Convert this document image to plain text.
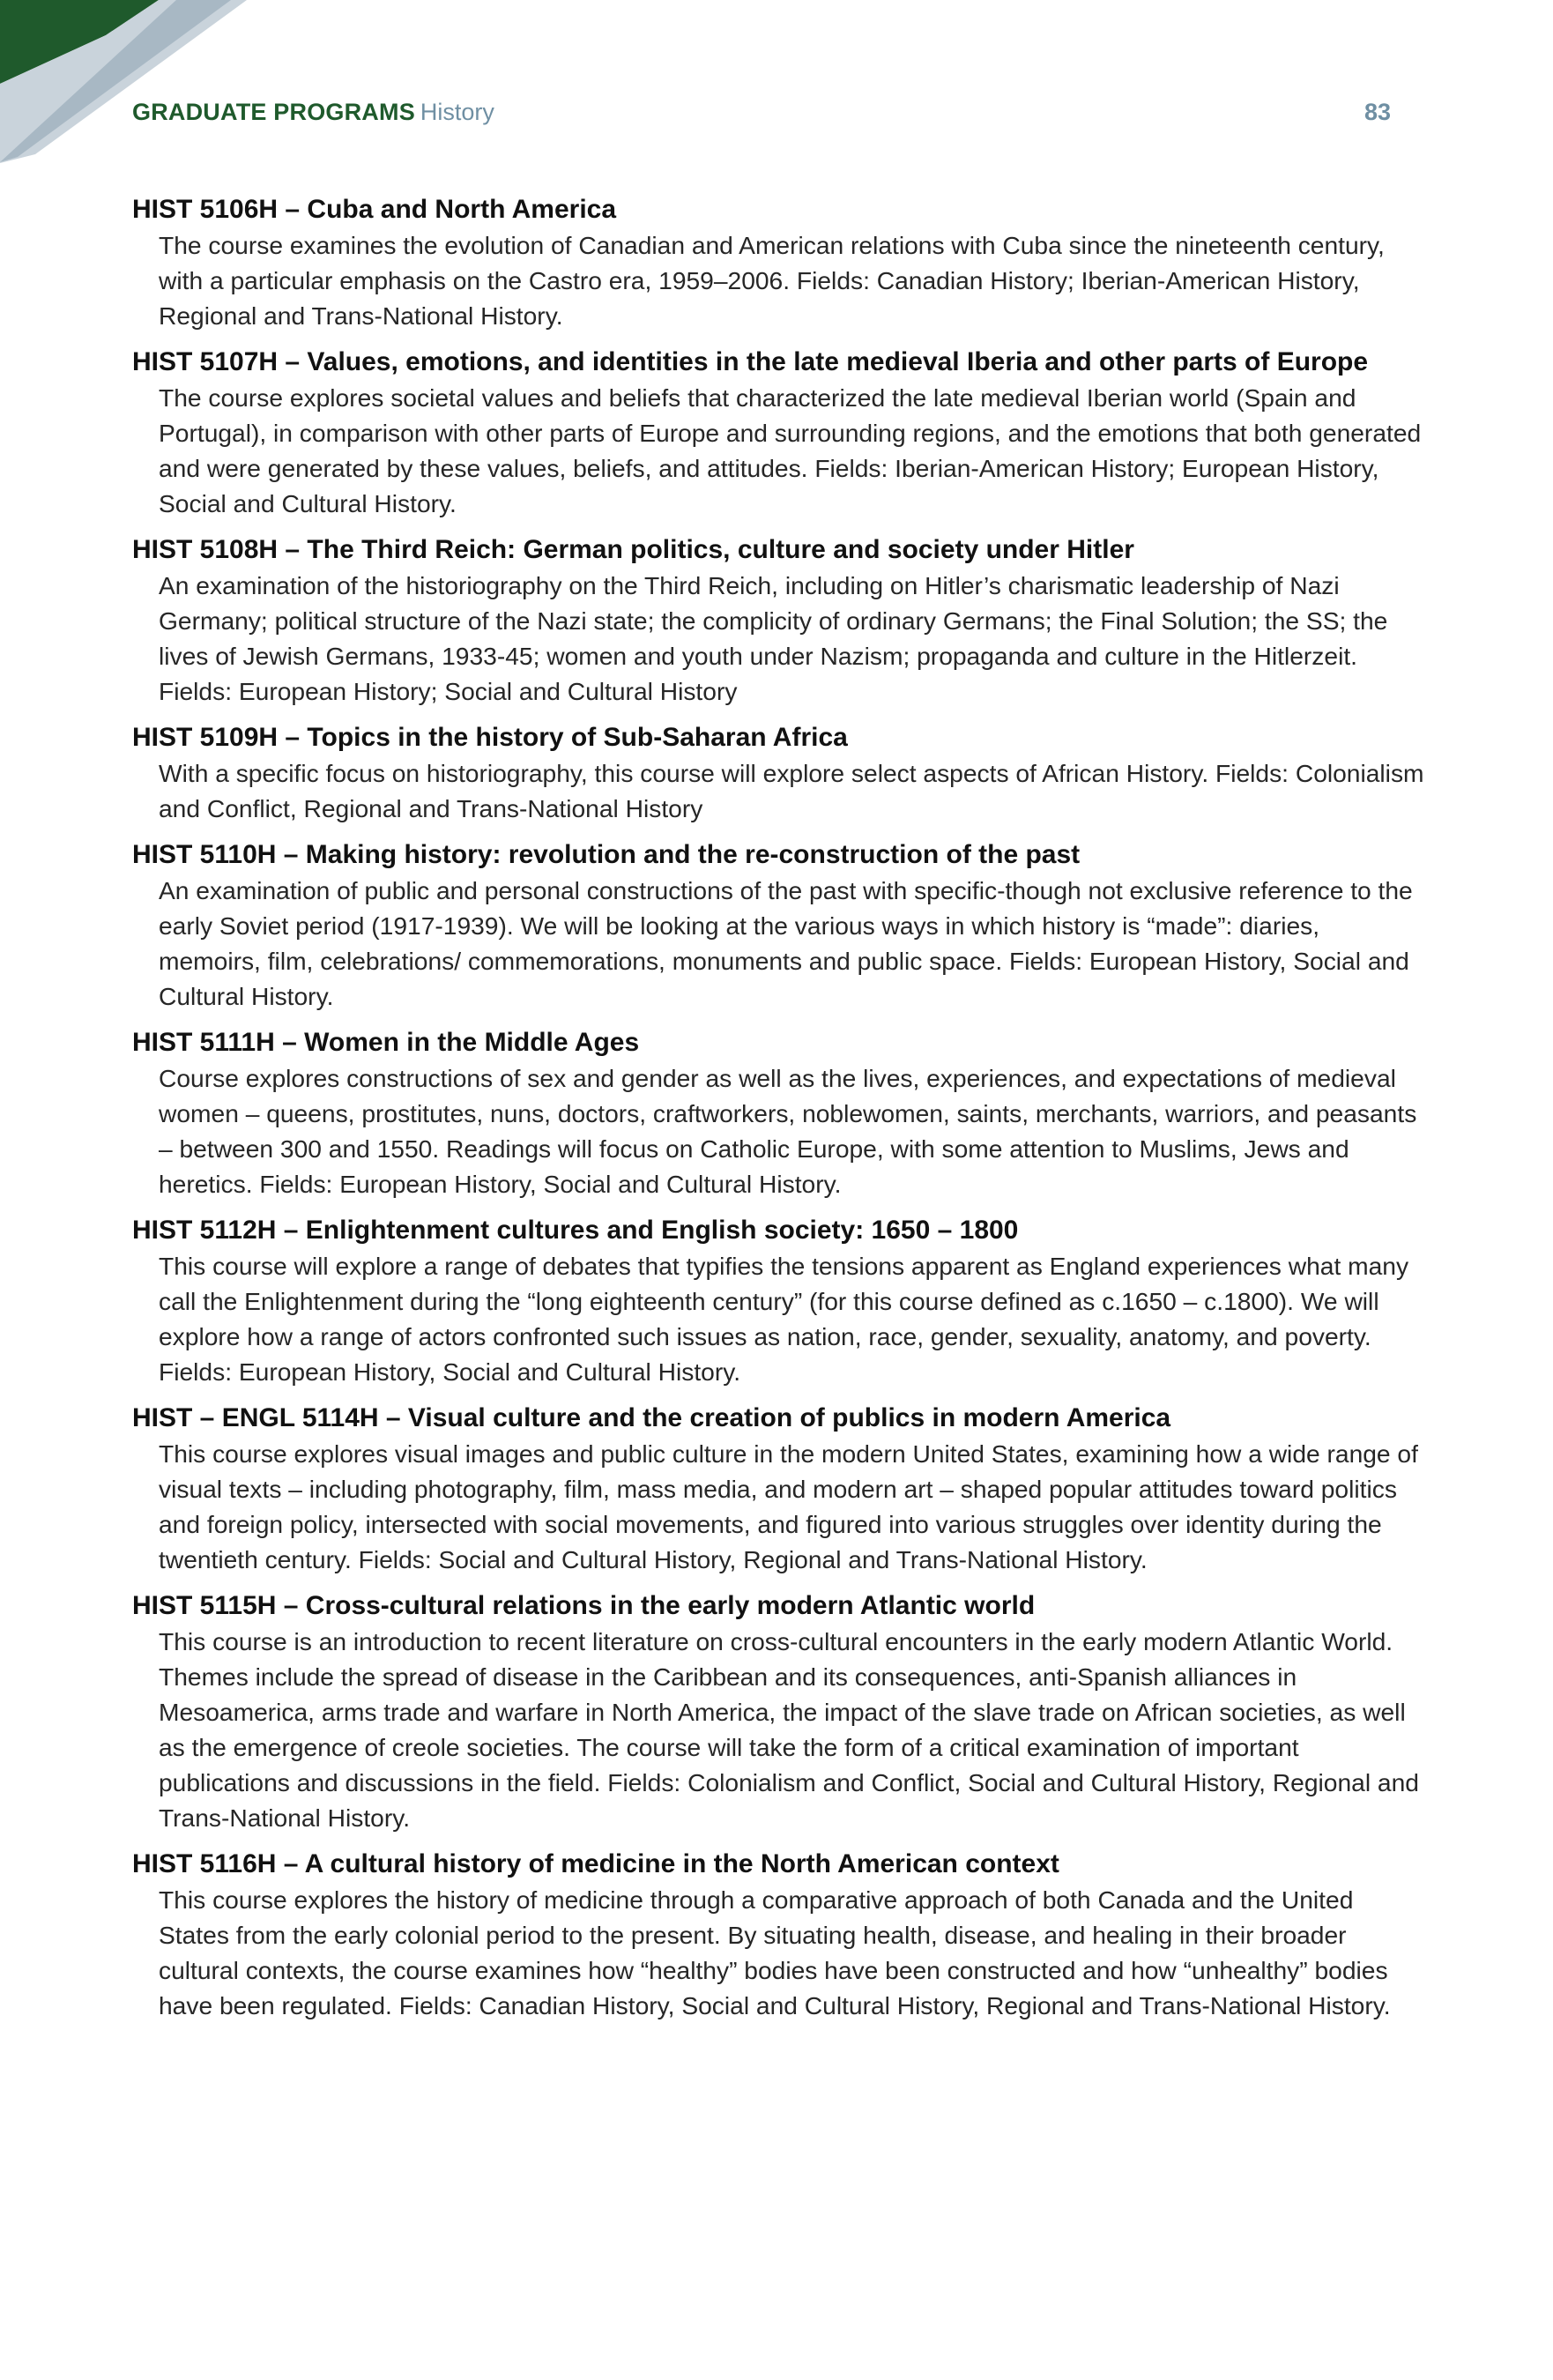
GRADUATE PROGRAMS History	83
HIST 5106H – Cuba and North America
The course examines the evolution of Canadian and American relations with Cuba since the nineteenth century, with a particular emphasis on the Castro era, 1959–2006. Fields: Canadian History; Iberian-American History, Regional and Trans-National History.
HIST 5107H – Values, emotions, and identities in the late medieval Iberia and other parts of Europe
The course explores societal values and beliefs that characterized the late medieval Iberian world (Spain and Portugal), in comparison with other parts of Europe and surrounding regions, and the emotions that both generated and were generated by these values, beliefs, and attitudes. Fields: Iberian-American History; European History, Social and Cultural History.
HIST 5108H – The Third Reich: German politics, culture and society under Hitler
An examination of the historiography on the Third Reich, including on Hitler’s charismatic leadership of Nazi Germany; political structure of the Nazi state; the complicity of ordinary Germans; the Final Solution; the SS; the lives of Jewish Germans, 1933-45; women and youth under Nazism; propaganda and culture in the Hitlerzeit. Fields: European History; Social and Cultural History
HIST 5109H – Topics in the history of Sub-Saharan Africa
With a specific focus on historiography, this course will explore select aspects of African History. Fields: Colonialism and Conflict, Regional and Trans-National History
HIST 5110H – Making history: revolution and the re-construction of the past
An examination of public and personal constructions of the past with specific-though not exclusive reference to the early Soviet period (1917-1939). We will be looking at the various ways in which history is “made”: diaries, memoirs, film, celebrations/ commemorations, monuments and public space. Fields: European History, Social and Cultural History.
HIST 5111H – Women in the Middle Ages
Course explores constructions of sex and gender as well as the lives, experiences, and expectations of medieval women – queens, prostitutes, nuns, doctors, craftworkers, noblewomen, saints, merchants, warriors, and peasants – between 300 and 1550. Readings will focus on Catholic Europe, with some attention to Muslims, Jews and heretics. Fields: European History, Social and Cultural History.
HIST 5112H – Enlightenment cultures and English society: 1650 – 1800
This course will explore a range of debates that typifies the tensions apparent as England experiences what many call the Enlightenment during the “long eighteenth century” (for this course defined as c.1650 – c.1800). We will explore how a range of actors confronted such issues as nation, race, gender, sexuality, anatomy, and poverty. Fields: European History, Social and Cultural History.
HIST – ENGL 5114H – Visual culture and the creation of publics in modern America
This course explores visual images and public culture in the modern United States, examining how a wide range of visual texts – including photography, film, mass media, and modern art – shaped popular attitudes toward politics and foreign policy, intersected with social movements, and figured into various struggles over identity during the twentieth century. Fields: Social and Cultural History, Regional and Trans-National History.
HIST 5115H – Cross-cultural relations in the early modern Atlantic world
This course is an introduction to recent literature on cross-cultural encounters in the early modern Atlantic World. Themes include the spread of disease in the Caribbean and its consequences, anti-Spanish alliances in Mesoamerica, arms trade and warfare in North America, the impact of the slave trade on African societies, as well as the emergence of creole societies. The course will take the form of a critical examination of important publications and discussions in the field. Fields: Colonialism and Conflict, Social and Cultural History, Regional and Trans-National History.
HIST 5116H – A cultural history of medicine in the North American context
This course explores the history of medicine through a comparative approach of both Canada and the United States from the early colonial period to the present. By situating health, disease, and healing in their broader cultural contexts, the course examines how “healthy” bodies have been constructed and how “unhealthy” bodies have been regulated. Fields: Canadian History, Social and Cultural History, Regional and Trans-National History.
